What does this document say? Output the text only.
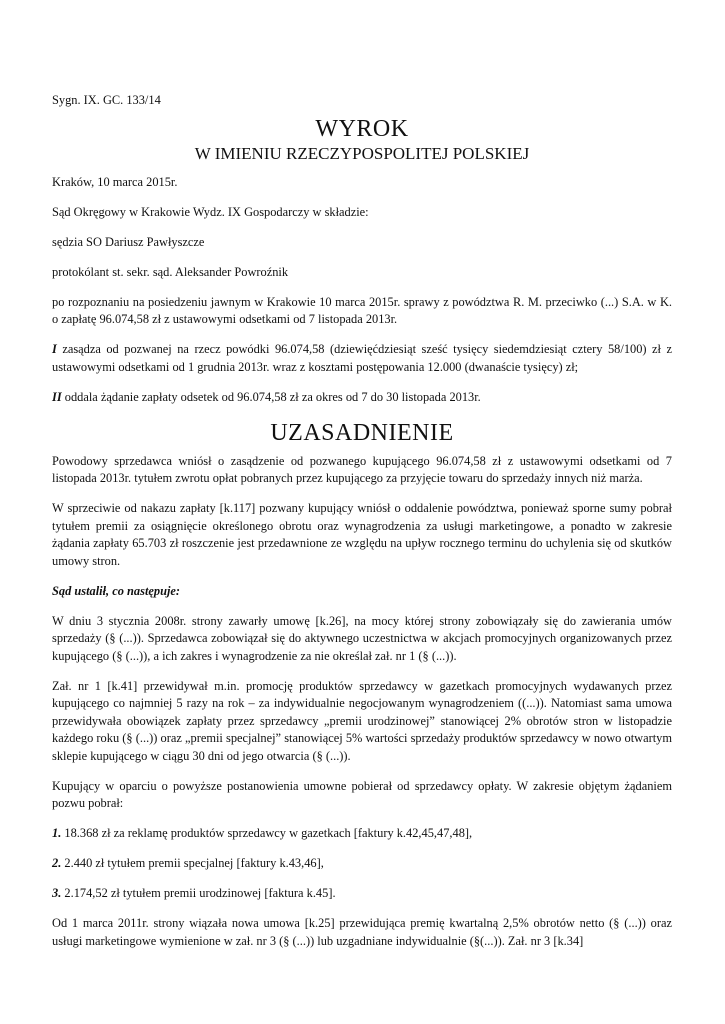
Sygn. IX. GC. 133/14

WYROK
W IMIENIU RZECZYPOSPOLITEJ POLSKIEJ

Kraków, 10 marca 2015r.

Sąd Okręgowy w Krakowie Wydz. IX Gospodarczy w składzie:

sędzia SO Dariusz Pawłyszcze

protokólant st. sekr. sąd. Aleksander Powroźnik

po rozpoznaniu na posiedzeniu jawnym w Krakowie 10 marca 2015r. sprawy z powództwa R. M. przeciwko (...) S.A. w K. o zapłatę 96.074,58 zł z ustawowymi odsetkami od 7 listopada 2013r.

I zasądza od pozwanej na rzecz powódki 96.074,58 (dziewięćdziesiąt sześć tysięcy siedemdziesiąt cztery 58/100) zł z ustawowymi odsetkami od 1 grudnia 2013r. wraz z kosztami postępowania 12.000 (dwanaście tysięcy) zł;

II oddala żądanie zapłaty odsetek od 96.074,58 zł za okres od 7 do 30 listopada 2013r.

UZASADNIENIE

Powodowy sprzedawca wniósł o zasądzenie od pozwanego kupującego 96.074,58 zł z ustawowymi odsetkami od 7 listopada 2013r. tytułem zwrotu opłat pobranych przez kupującego za przyjęcie towaru do sprzedaży innych niż marża.

W sprzeciwie od nakazu zapłaty [k.117] pozwany kupujący wniósł o oddalenie powództwa, ponieważ sporne sumy pobrał tytułem premii za osiągnięcie określonego obrotu oraz wynagrodzenia za usługi marketingowe, a ponadto w zakresie żądania zapłaty 65.703 zł roszczenie jest przedawnione ze względu na upływ rocznego terminu do uchylenia się od skutków umowy stron.

Sąd ustalił, co następuje:

W dniu 3 stycznia 2008r. strony zawarły umowę [k.26], na mocy której strony zobowiązały się do zawierania umów sprzedaży (§ (...)). Sprzedawca zobowiązał się do aktywnego uczestnictwa w akcjach promocyjnych organizowanych przez kupującego (§ (...)), a ich zakres i wynagrodzenie za nie określał zał. nr 1 (§ (...)).

Zał. nr 1 [k.41] przewidywał m.in. promocję produktów sprzedawcy w gazetkach promocyjnych wydawanych przez kupującego co najmniej 5 razy na rok – za indywidualnie negocjowanym wynagrodzeniem ((...)). Natomiast sama umowa przewidywała obowiązek zapłaty przez sprzedawcy „premii urodzinowej” stanowiącej 2% obrotów stron w listopadzie każdego roku (§ (...)) oraz „premii specjalnej” stanowiącej 5% wartości sprzedaży produktów sprzedawcy w nowo otwartym sklepie kupującego w ciągu 30 dni od jego otwarcia (§ (...)).

Kupujący w oparciu o powyższe postanowienia umowne pobierał od sprzedawcy opłaty. W zakresie objętym żądaniem pozwu pobrał:

1. 18.368 zł za reklamę produktów sprzedawcy w gazetkach [faktury k.42,45,47,48],

2. 2.440 zł tytułem premii specjalnej [faktury k.43,46],

3. 2.174,52 zł tytułem premii urodzinowej [faktura k.45].

Od 1 marca 2011r. strony wiązała nowa umowa [k.25] przewidująca premię kwartalną 2,5% obrotów netto (§ (...)) oraz usługi marketingowe wymienione w zał. nr 3 (§ (...)) lub uzgadniane indywidualnie (§(...)). Zał. nr 3 [k.34]
